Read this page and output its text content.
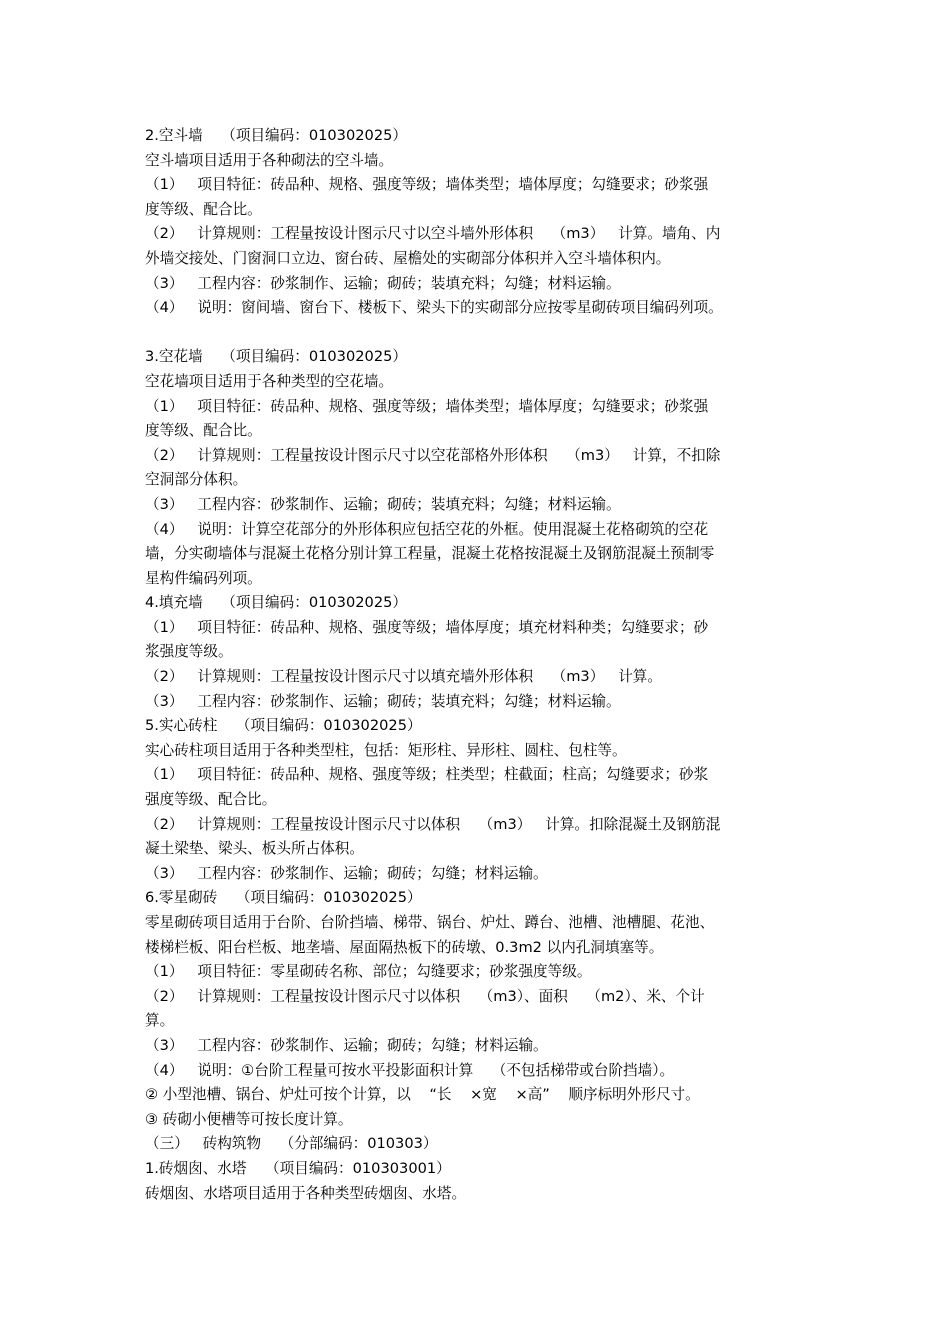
2.空斗墙    （项目编码：010302025）
空斗墙项目适用于各种砌法的空斗墙。
（1）   项目特征：砖品种、规格、强度等级；墙体类型；墙体厚度；勾缝要求；砂浆强
度等级、配合比。
（2）   计算规则：工程量按设计图示尺寸以空斗墙外形体积    （m3）   计算。墙角、内
外墙交接处、门窗洞口立边、窗台砖、屋檐处的实砌部分体积并入空斗墙体积内。
（3）   工程内容：砂浆制作、运输；砌砖；装填充料；勾缝；材料运输。
（4）   说明：窗间墙、窗台下、楼板下、梁头下的实砌部分应按零星砌砖项目编码列项。
3.空花墙    （项目编码：010302025）
空花墙项目适用于各种类型的空花墙。
（1）   项目特征：砖品种、规格、强度等级；墙体类型；墙体厚度；勾缝要求；砂浆强
度等级、配合比。
（2）   计算规则：工程量按设计图示尺寸以空花部格外形体积    （m3）   计算，不扣除
空洞部分体积。
（3）   工程内容：砂浆制作、运输；砌砖；装填充料；勾缝；材料运输。
（4）   说明：计算空花部分的外形体积应包括空花的外框。使用混凝土花格砌筑的空花
墙，分实砌墙体与混凝土花格分别计算工程量，混凝土花格按混凝土及钢筋混凝土预制零
星构件编码列项。
4.填充墙    （项目编码：010302025）
（1）   项目特征：砖品种、规格、强度等级；墙体厚度；填充材料种类；勾缝要求；砂
浆强度等级。
（2）   计算规则：工程量按设计图示尺寸以填充墙外形体积    （m3）   计算。
（3）   工程内容：砂浆制作、运输；砌砖；装填充料；勾缝；材料运输。
5.实心砖柱    （项目编码：010302025）
实心砖柱项目适用于各种类型柱，包括：矩形柱、异形柱、圆柱、包柱等。
（1）   项目特征：砖品种、规格、强度等级；柱类型；柱截面；柱高；勾缝要求；砂浆
强度等级、配合比。
（2）   计算规则：工程量按设计图示尺寸以体积    （m3）   计算。扣除混凝土及钢筋混
凝土梁垫、梁头、板头所占体积。
（3）   工程内容：砂浆制作、运输；砌砖；勾缝；材料运输。
6.零星砌砖    （项目编码：010302025）
零星砌砖项目适用于台阶、台阶挡墙、梯带、锅台、炉灶、蹲台、池槽、池槽腿、花池、
楼梯栏板、阳台栏板、地垄墙、屋面隔热板下的砖墩、0.3m2 以内孔洞填塞等。
（1）   项目特征：零星砌砖名称、部位；勾缝要求；砂浆强度等级。
（2）   计算规则：工程量按设计图示尺寸以体积    （m3）、面积    （m2）、米、个计
算。
（3）   工程内容：砂浆制作、运输；砌砖；勾缝；材料运输。
（4）   说明：①台阶工程量可按水平投影面积计算    （不包括梯带或台阶挡墙）。
② 小型池槽、锅台、炉灶可按个计算，以    “长    ×宽    ×高”    顺序标明外形尺寸。
③ 砖砌小便槽等可按长度计算。
（三）   砖构筑物    （分部编码：010303）
1.砖烟囱、水塔    （项目编码：010303001）
砖烟囱、水塔项目适用于各种类型砖烟囱、水塔。
